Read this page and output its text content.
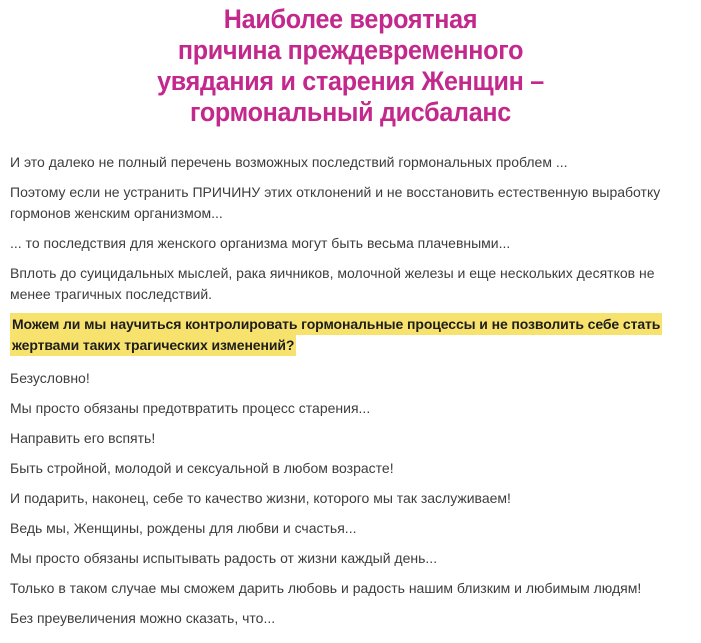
Наиболее вероятная
причина преждевременного
увядания и старения Женщин –
гормональный дисбаланс

И это далеко не полный перечень возможных последствий гормональных проблем ...

Поэтому если не устранить ПРИЧИНУ этих отклонений и не восстановить естественную выработку гормонов женским организмом...

... то последствия для женского организма могут быть весьма плачевными...

Вплоть до суицидальных мыслей, рака яичников, молочной железы и еще нескольких десятков не менее трагичных последствий.

Можем ли мы научиться контролировать гормональные процессы и не позволить себе стать жертвами таких трагических изменений?

Безусловно!

Мы просто обязаны предотвратить процесс старения...

Направить его вспять!

Быть стройной, молодой и сексуальной в любом возрасте!

И подарить, наконец, себе то качество жизни, которого мы так заслуживаем!

Ведь мы, Женщины, рождены для любви и счастья...

Мы просто обязаны испытывать радость от жизни каждый день...

Только в таком случае мы сможем дарить любовь и радость нашим близким и любимым людям!

Без преувеличения можно сказать, что...
